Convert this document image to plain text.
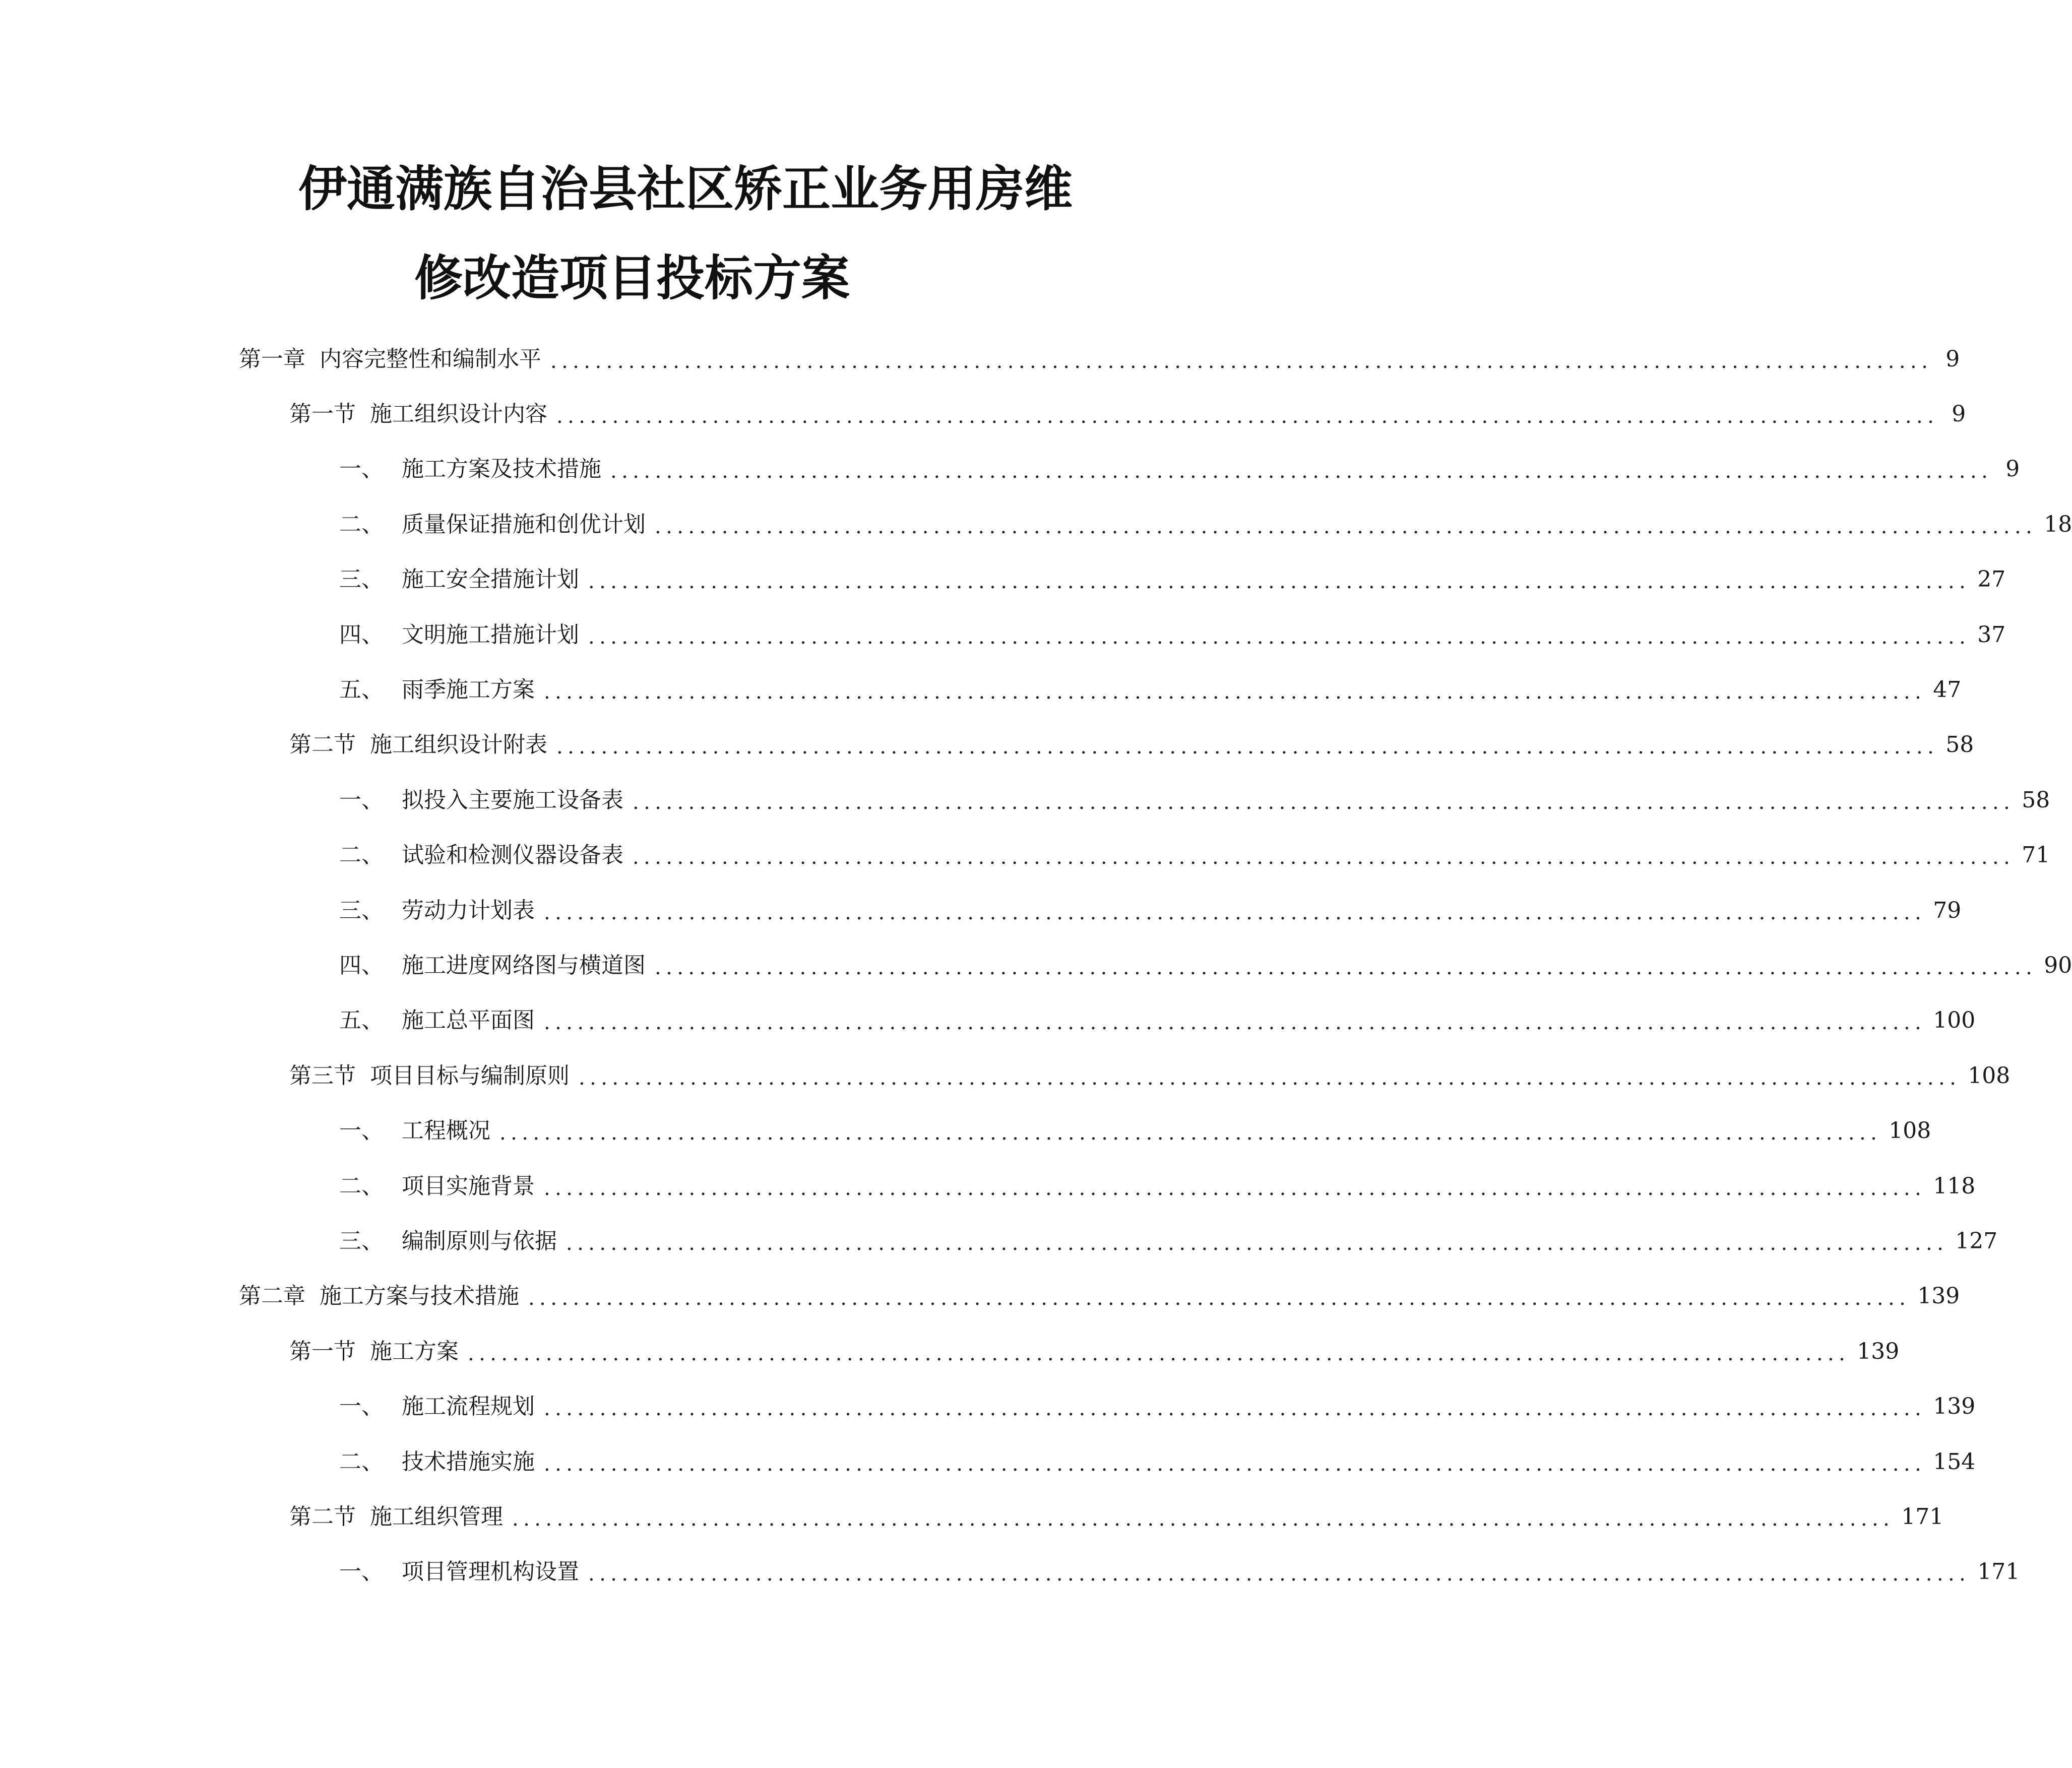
伊通满族自治县社区矫正业务用房维
修改造项目投标方案
第一章 内容完整性和编制水平 ............................................................................................................................ 9
第一节 施工组织设计内容 ............................................................................................................................ 9
一、 施工方案及技术措施 ............................................................................................................................ 9
二、 质量保证措施和创优计划 ............................................................................................................................ 18
三、 施工安全措施计划 ............................................................................................................................ 27
四、 文明施工措施计划 ............................................................................................................................ 37
五、 雨季施工方案 ............................................................................................................................ 47
第二节 施工组织设计附表 ............................................................................................................................ 58
一、 拟投入主要施工设备表 ............................................................................................................................ 58
二、 试验和检测仪器设备表 ............................................................................................................................ 71
三、 劳动力计划表 ............................................................................................................................ 79
四、 施工进度网络图与横道图 ............................................................................................................................ 90
五、 施工总平面图 ............................................................................................................................ 100
第三节 项目目标与编制原则 ............................................................................................................................ 108
一、 工程概况 ............................................................................................................................ 108
二、 项目实施背景 ............................................................................................................................ 118
三、 编制原则与依据 ............................................................................................................................ 127
第二章 施工方案与技术措施 ............................................................................................................................ 139
第一节 施工方案 ............................................................................................................................ 139
一、 施工流程规划 ............................................................................................................................ 139
二、 技术措施实施 ............................................................................................................................ 154
第二节 施工组织管理 ............................................................................................................................ 171
一、 项目管理机构设置 ............................................................................................................................ 171
